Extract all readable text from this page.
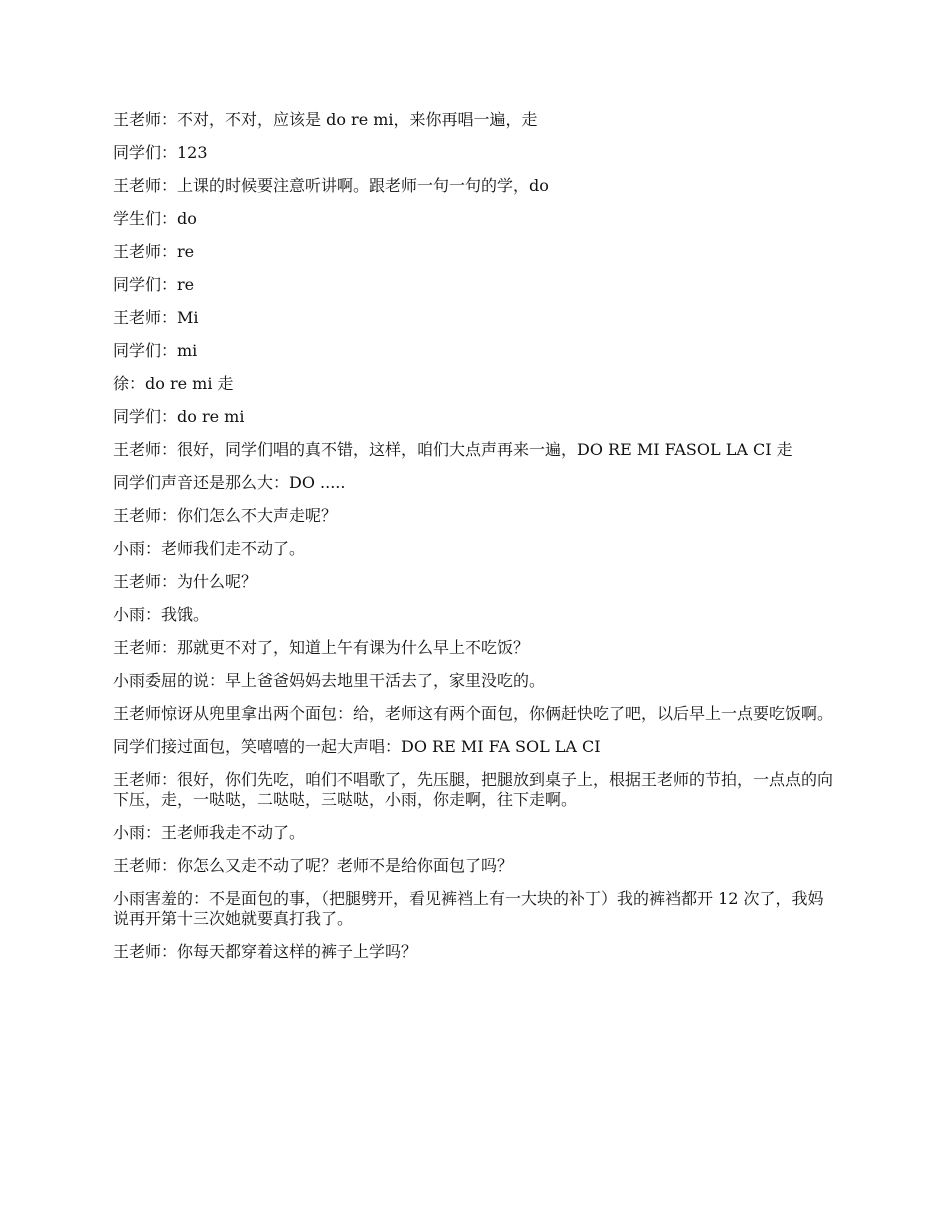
王老师：不对，不对，应该是 do re mi，来你再唱一遍，走

同学们：123

王老师：上课的时候要注意听讲啊。跟老师一句一句的学，do

学生们：do

王老师：re

同学们：re

王老师：Mi

同学们：mi

徐：do re mi 走

同学们：do re mi

王老师：很好，同学们唱的真不错，这样，咱们大点声再来一遍，DO RE MI FASOL LA CI 走

同学们声音还是那么大：DO .....

王老师：你们怎么不大声走呢？

小雨：老师我们走不动了。

王老师：为什么呢？

小雨：我饿。

王老师：那就更不对了，知道上午有课为什么早上不吃饭？

小雨委屈的说：早上爸爸妈妈去地里干活去了，家里没吃的。

王老师惊讶从兜里拿出两个面包：给，老师这有两个面包，你俩赶快吃了吧，以后早上一点要吃饭啊。

同学们接过面包，笑嘻嘻的一起大声唱：DO RE MI FA SOL LA CI

王老师：很好，你们先吃，咱们不唱歌了，先压腿，把腿放到桌子上，根据王老师的节拍，一点点的向下压，走，一哒哒，二哒哒，三哒哒，小雨，你走啊，往下走啊。

小雨：王老师我走不动了。

王老师：你怎么又走不动了呢？老师不是给你面包了吗？

小雨害羞的：不是面包的事，（把腿劈开，看见裤裆上有一大块的补丁）我的裤裆都开 12 次了，我妈说再开第十三次她就要真打我了。

王老师：你每天都穿着这样的裤子上学吗？
